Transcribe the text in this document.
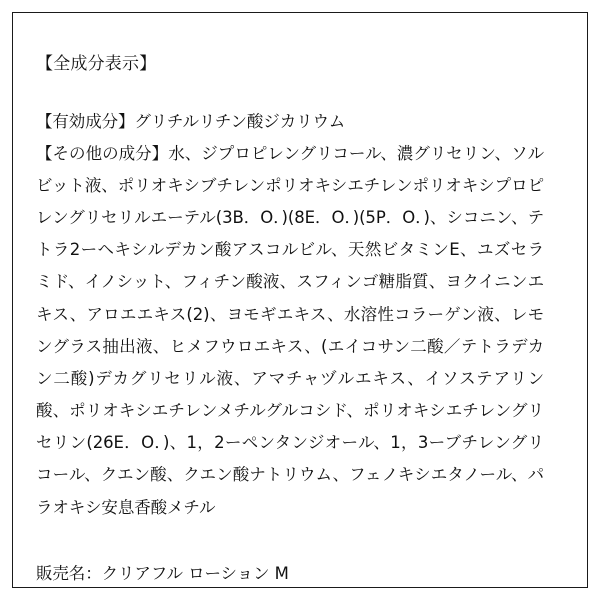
【全成分表示】
【有効成分】グリチルリチン酸ジカリウム
【その他の成分】水、ジプロピレングリコール、濃グリセリン、ソルビット液、ポリオキシブチレンポリオキシエチレンポリオキシプロピレングリセリルエーテル(3B．O．)(8E．O．)(5P．O．)、シコニン、テトラ2ーヘキシルデカン酸アスコルビル、天然ビタミンE、ユズセラミド、イノシット、フィチン酸液、スフィンゴ糖脂質、ヨクイニンエキス、アロエエキス(2)、ヨモギエキス、水溶性コラーゲン液、レモングラス抽出液、ヒメフウロエキス、(エイコサン二酸／テトラデカン二酸)デカグリセリル液、アマチャヅルエキス、イソステアリン酸、ポリオキシエチレンメチルグルコシド、ポリオキシエチレングリセリン(26E．O．)、1，2ーペンタンジオール、1，3ーブチレングリコール、クエン酸、クエン酸ナトリウム、フェノキシエタノール、パラオキシ安息香酸メチル
販売名：クリアフル ローション M
